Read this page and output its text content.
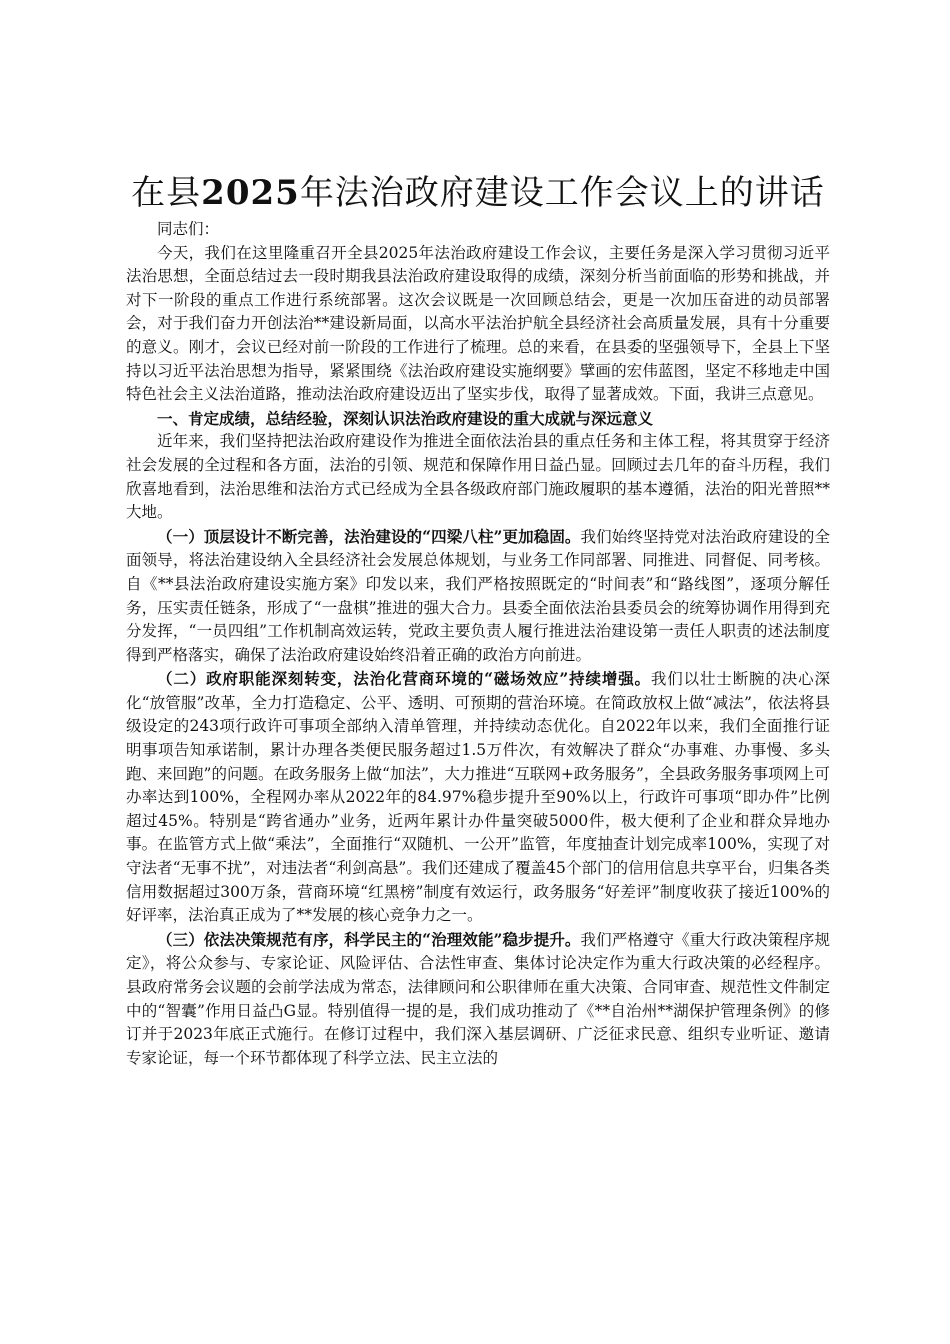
在县2025年法治政府建设工作会议上的讲话

同志们：

今天，我们在这里隆重召开全县2025年法治政府建设工作会议，主要任务是深入学习贯彻习近平法治思想，全面总结过去一段时期我县法治政府建设取得的成绩，深刻分析当前面临的形势和挑战，并对下一阶段的重点工作进行系统部署。这次会议既是一次回顾总结会，更是一次加压奋进的动员部署会，对于我们奋力开创法治**建设新局面，以高水平法治护航全县经济社会高质量发展，具有十分重要的意义。刚才，会议已经对前一阶段的工作进行了梳理。总的来看，在县委的坚强领导下，全县上下坚持以习近平法治思想为指导，紧紧围绕《法治政府建设实施纲要》擘画的宏伟蓝图，坚定不移地走中国特色社会主义法治道路，推动法治政府建设迈出了坚实步伐，取得了显著成效。下面，我讲三点意见。

一、肯定成绩，总结经验，深刻认识法治政府建设的重大成就与深远意义

近年来，我们坚持把法治政府建设作为推进全面依法治县的重点任务和主体工程，将其贯穿于经济社会发展的全过程和各方面，法治的引领、规范和保障作用日益凸显。回顾过去几年的奋斗历程，我们欣喜地看到，法治思维和法治方式已经成为全县各级政府部门施政履职的基本遵循，法治的阳光普照**大地。

（一）顶层设计不断完善，法治建设的“四梁八柱”更加稳固。我们始终坚持党对法治政府建设的全面领导，将法治建设纳入全县经济社会发展总体规划，与业务工作同部署、同推进、同督促、同考核。自《**县法治政府建设实施方案》印发以来，我们严格按照既定的“时间表”和“路线图”，逐项分解任务，压实责任链条，形成了“一盘棋”推进的强大合力。县委全面依法治县委员会的统筹协调作用得到充分发挥，“一员四组”工作机制高效运转，党政主要负责人履行推进法治建设第一责任人职责的述法制度得到严格落实，确保了法治政府建设始终沿着正确的政治方向前进。

（二）政府职能深刻转变，法治化营商环境的“磁场效应”持续增强。我们以壮士断腕的决心深化“放管服”改革，全力打造稳定、公平、透明、可预期的营治环境。在简政放权上做“减法”，依法将县级设定的243项行政许可事项全部纳入清单管理，并持续动态优化。自2022年以来，我们全面推行证明事项告知承诺制，累计办理各类便民服务超过1.5万件次，有效解决了群众“办事难、办事慢、多头跑、来回跑”的问题。在政务服务上做“加法”，大力推进“互联网+政务服务”，全县政务服务事项网上可办率达到100%，全程网办率从2022年的84.97%稳步提升至90%以上，行政许可事项“即办件”比例超过45%。特别是“跨省通办”业务，近两年累计办件量突破5000件，极大便利了企业和群众异地办事。在监管方式上做“乘法”，全面推行“双随机、一公开”监管，年度抽查计划完成率100%，实现了对守法者“无事不扰”，对违法者“利剑高悬”。我们还建成了覆盖45个部门的信用信息共享平台，归集各类信用数据超过300万条，营商环境“红黑榜”制度有效运行，政务服务“好差评”制度收获了接近100%的好评率，法治真正成为了**发展的核心竞争力之一。

（三）依法决策规范有序，科学民主的“治理效能”稳步提升。我们严格遵守《重大行政决策程序规定》，将公众参与、专家论证、风险评估、合法性审查、集体讨论决定作为重大行政决策的必经程序。县政府常务会议题的会前学法成为常态，法律顾问和公职律师在重大决策、合同审查、规范性文件制定中的“智囊”作用日益凸G显。特别值得一提的是，我们成功推动了《**自治州**湖保护管理条例》的修订并于2023年底正式施行。在修订过程中，我们深入基层调研、广泛征求民意、组织专业听证、邀请专家论证，每一个环节都体现了科学立法、民主立法的
